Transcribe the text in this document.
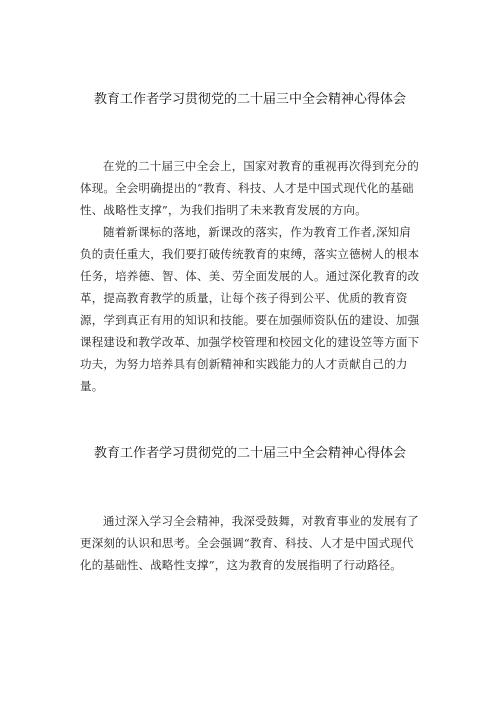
教育工作者学习贯彻党的二十届三中全会精神心得体会

在党的二十届三中全会上，国家对教育的重视再次得到充分的体现。全会明确提出的“教育、科技、人才是中国式现代化的基础性、战略性支撑”，为我们指明了未来教育发展的方向。

随着新课标的落地，新课改的落实，作为教育工作者,深知肩负的责任重大，我们要打破传统教育的束缚，落实立德树人的根本任务，培养德、智、体、美、劳全面发展的人。通过深化教育的改革，提高教育教学的质量，让每个孩子得到公平、优质的教育资源，学到真正有用的知识和技能。要在加强师资队伍的建设、加强课程建设和教学改革、加强学校管理和校园文化的建设笠等方面下功夫，为努力培养具有创新精神和实践能力的人才贡献自己的力量。

教育工作者学习贯彻党的二十届三中全会精神心得体会

通过深入学习全会精神，我深受鼓舞，对教育事业的发展有了更深刻的认识和思考。全会强调“教育、科技、人才是中国式现代化的基础性、战略性支撑”，这为教育的发展指明了行动路径。
